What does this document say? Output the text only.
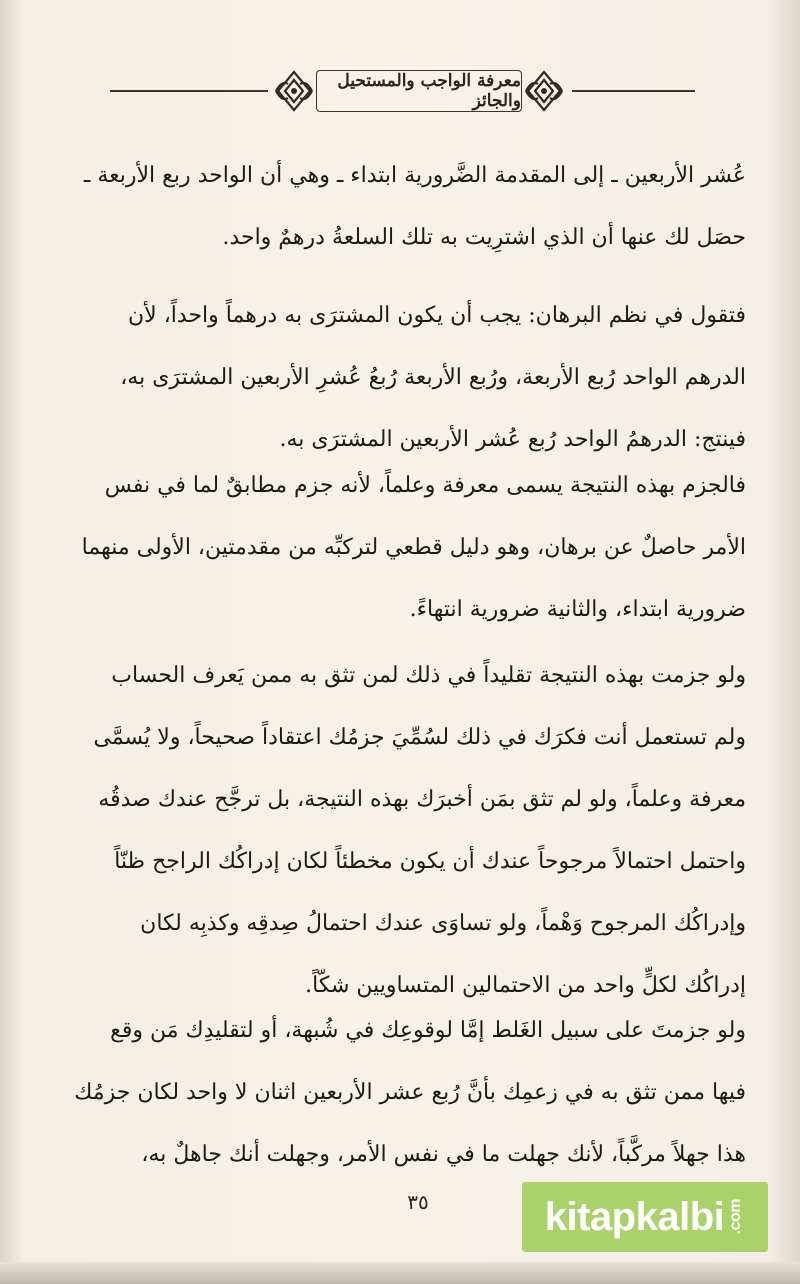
معرفة الواجب والمستحيل والجائز
عُشر الأربعين ـ إلى المقدمة الضَّرورية ابتداء ـ وهي أن الواحد ربع الأربعة ـ
حصَل لك عنها أن الذي اشترِيت به تلك السلعةُ درهمٌ واحد.
فتقول في نظم البرهان: يجب أن يكون المشترَى به درهماً واحداً، لأن
الدرهم الواحد رُبع الأربعة، ورُبع الأربعة رُبعُ عُشرِ الأربعين المشترَى به،
فينتج: الدرهمُ الواحد رُبع عُشر الأربعين المشترَى به.
فالجزم بهذه النتيجة يسمى معرفة وعلماً، لأنه جزم مطابقٌ لما في نفس
الأمر حاصلٌ عن برهان، وهو دليل قطعي لتركبِّه من مقدمتين، الأولى منهما
ضرورية ابتداء، والثانية ضرورية انتهاءً.
ولو جزمت بهذه النتيجة تقليداً في ذلك لمن تثق به ممن يَعرف الحساب
ولم تستعمل أنت فكرَك في ذلك لسُمِّيَ جزمُك اعتقاداً صحيحاً، ولا يُسمَّى
معرفة وعلماً، ولو لم تثق بمَن أخبرَك بهذه النتيجة، بل ترجَّح عندك صدقُه
واحتمل احتمالاً مرجوحاً عندك أن يكون مخطئاً لكان إدراكُك الراجح ظنّاً
وإدراكُك المرجوح وَهْماً، ولو تساوَى عندك احتمالُ صِدقِه وكذبِه لكان
إدراكُك لكلٍّ واحد من الاحتمالين المتساويين شكّاً.
ولو جزمتَ على سبيل الغَلط إمَّا لوقوعِك في شُبهة، أو لتقليدِك مَن وقع
فيها ممن تثق به في زعمِك بأنَّ رُبع عشر الأربعين اثنان لا واحد لكان جزمُك
هذا جهلاً مركَّباً، لأنك جهلت ما في نفس الأمر، وجهلت أنك جاهلٌ به،
٣٥	kitapkalbi .com
